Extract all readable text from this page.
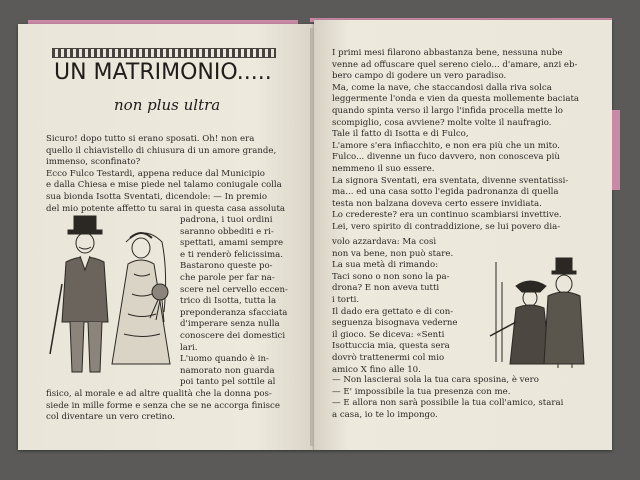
UN MATRIMONIO.....
non plus ultra
Sicuro! dopo tutto si erano sposati. Oh! non era
quello il chiavistello di chiusura di un amore grande,
immenso, sconfinato?
Ecco Fulco Testardi, appena reduce dal Municipio
e dalla Chiesa e mise piede nel talamo coniugale colla
sua bionda Isotta Sventati, dicendole: — In premio
del mio potente affetto tu sarai in questa casa assoluta
padrona, i tuoi ordini
saranno obbediti e ri-
spettati, amami sempre
e ti renderò felicissima.
Bastarono queste po-
che parole per far na-
scere nel cervello eccen-
trico di Isotta, tutta la
preponderanza sfacciata
d'imperare senza nulla
conoscere dei domestici
lari.
L'uomo quando è in-
namorato non guarda
poi tanto pel sottile al
fisico, al morale e ad altre qualità che la donna pos-
siede in mille forme e senza che se ne accorga finisce
col diventare un vero cretino.
I primi mesi filarono abbastanza bene, nessuna nube
venne ad offuscare quel sereno cielo... d'amare, anzi eb-
bero campo di godere un vero paradiso.
Ma, come la nave, che staccandosi dalla riva solca
leggermente l'onda e vien da questa mollemente baciata
quando spinta verso il largo l'infida procella mette lo
scompiglio, cosa avviene? molte volte il naufragio.
Tale il fatto di Isotta e di Fulco,
L'amore s'era infiacchito, e non era più che un mito.
Fulco... divenne un fuco davvero, non conosceva più
nemmeno il suo essere.
La signora Sventati, era sventata, divenne sventatissi-
ma... ed una casa sotto l'egida padronanza di quella
testa non balzana doveva certo essere invidiata.
Lo credereste? era un continuo scambiarsi invettive.
Lei, vero spirito di contraddizione, se lui povero dia-
volo azzardava: Ma così
non va bene, non può stare.
La sua metà di rimando:
Taci sono o non sono la pa-
drona? E non aveva tutti
i torti.
Il dado era gettato e di con-
seguenza bisognava vederne
il gioco. Se diceva: «Senti
Isottuccia mia, questa sera
dovrò trattenermi col mio
amico X fino alle 10.
— Non lascierai sola la tua cara sposina, è vero
— E' impossibile la tua presenza con me.
— E allora non sarà possibile la tua coll'amico, starai
a casa, io te lo impongo.
